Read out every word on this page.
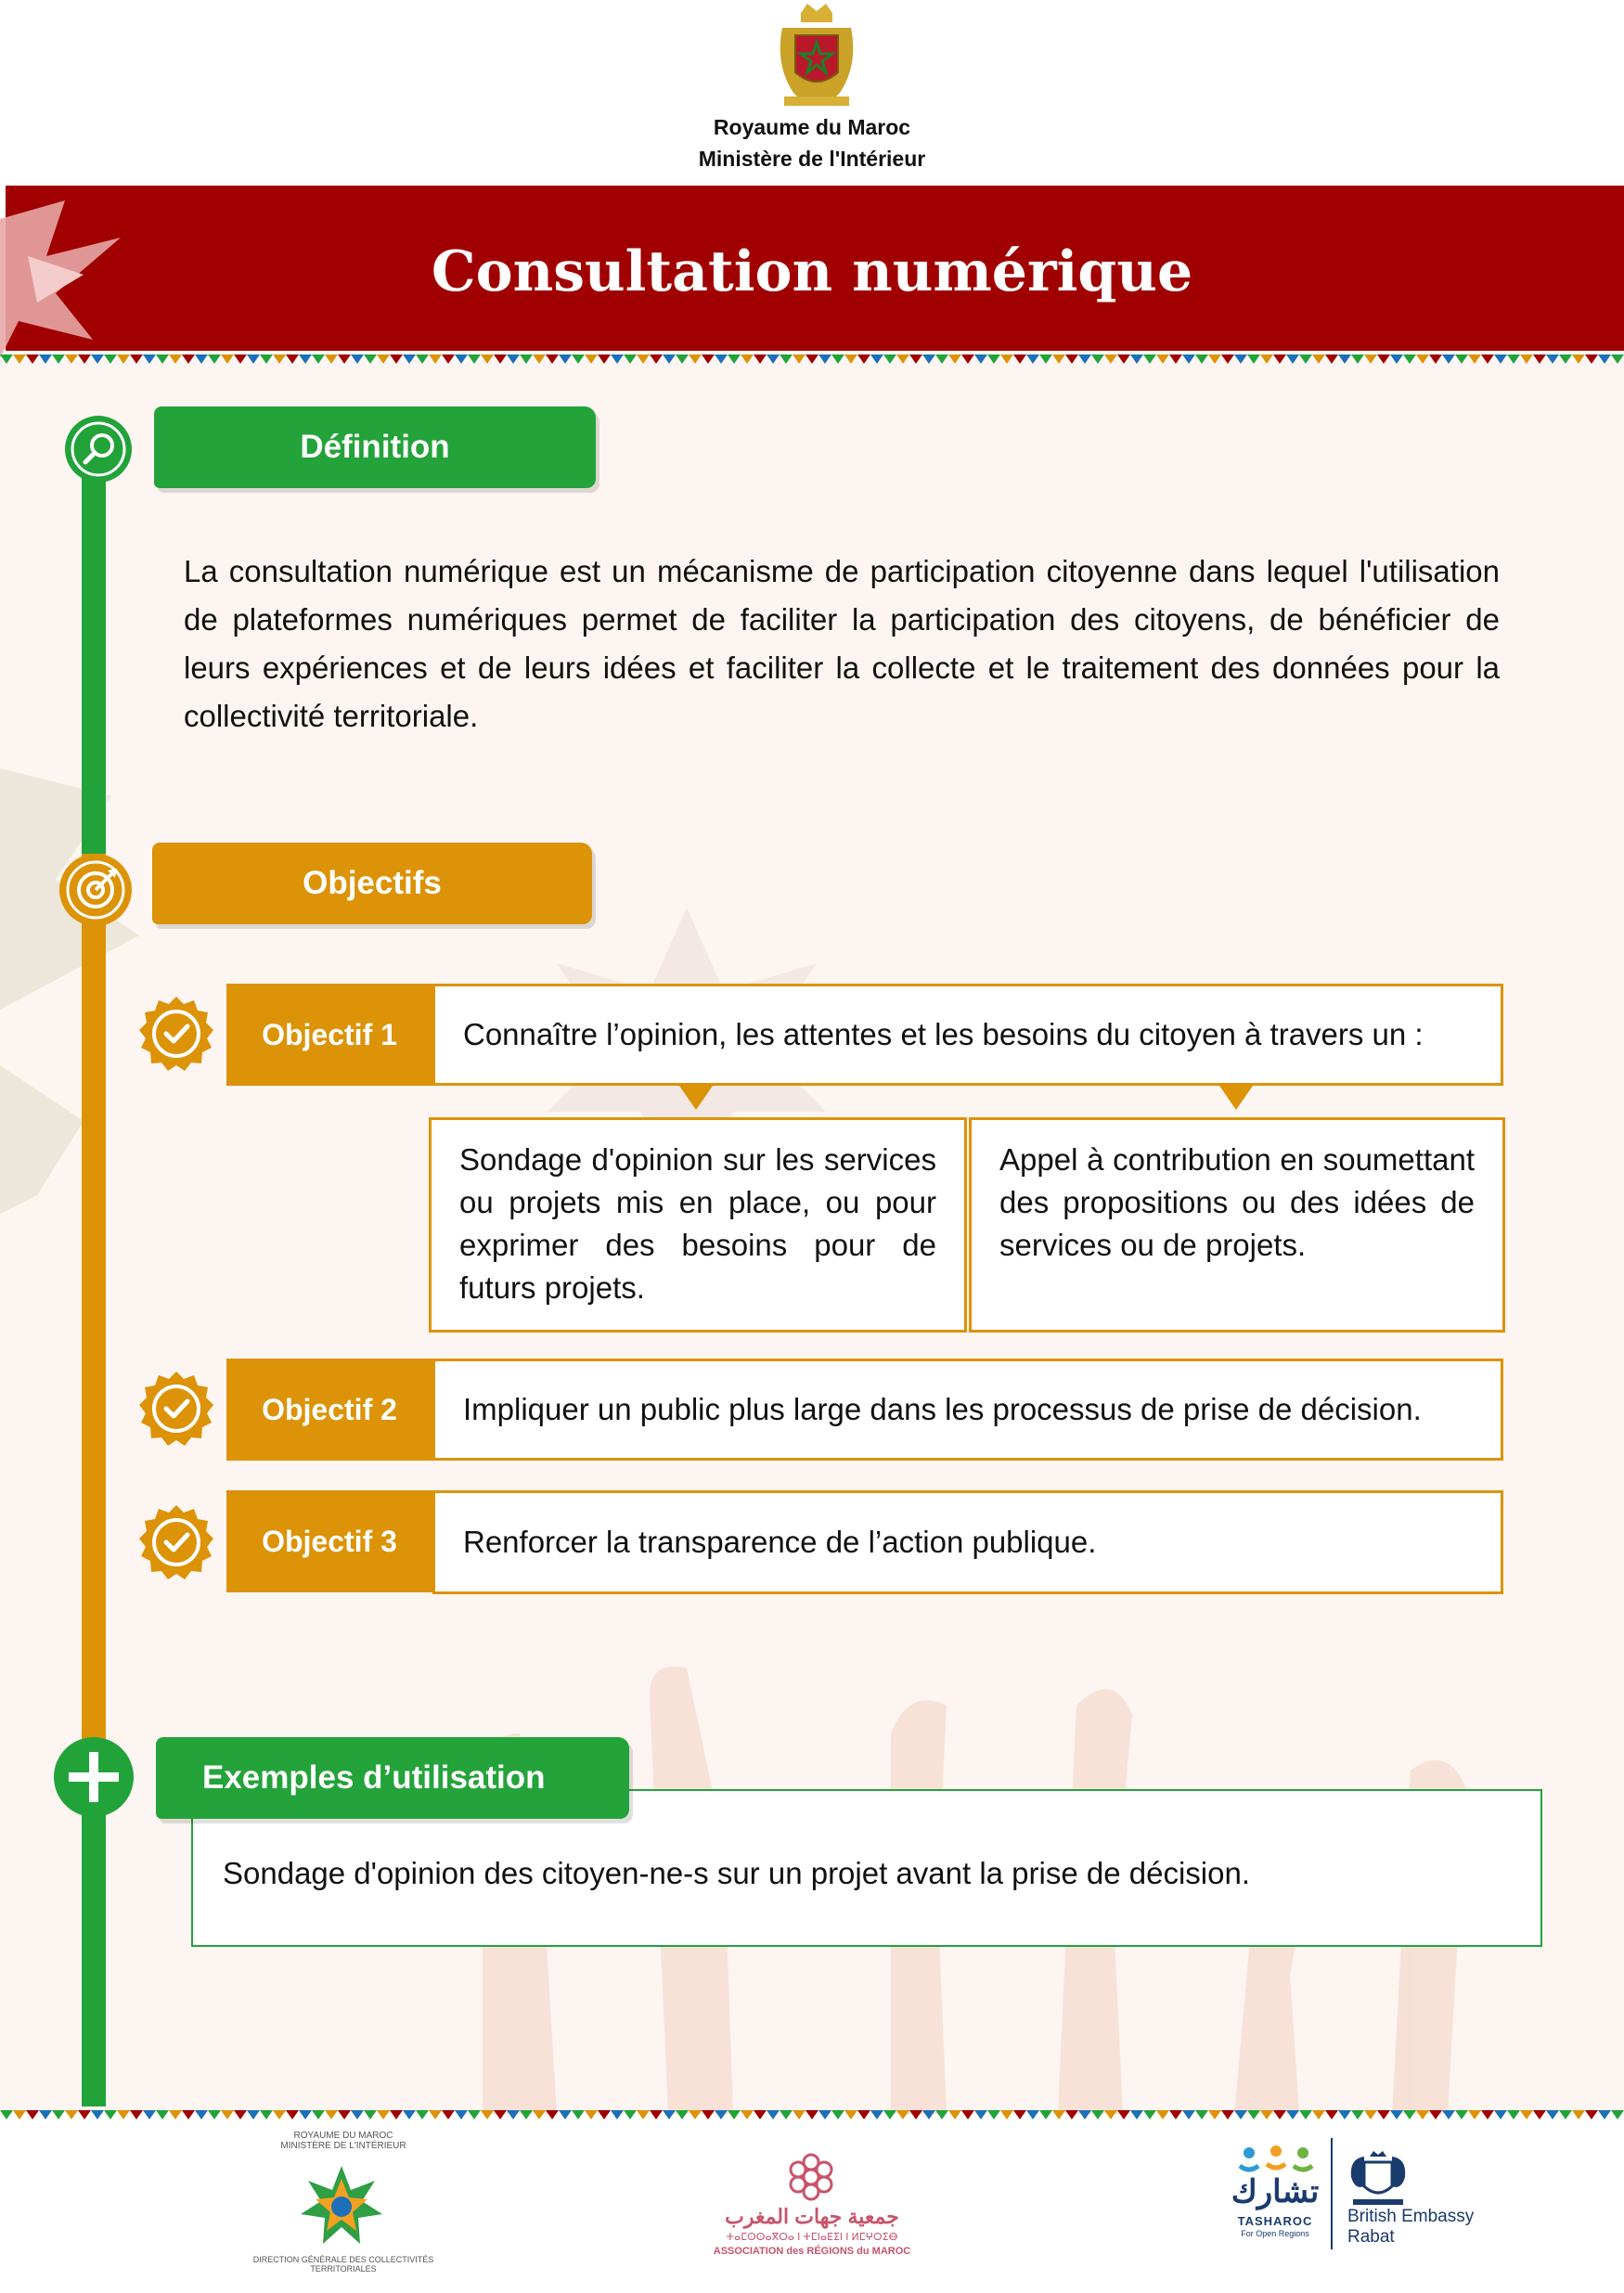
Royaume du Maroc
Ministère de l'Intérieur
Consultation numérique
Définition
La consultation numérique est un mécanisme de participation citoyenne dans lequel l'utilisation de plateformes numériques permet de faciliter la participation des citoyens, de bénéficier de leurs expériences et de leurs idées et faciliter la collecte et le traitement des données pour la collectivité territoriale.
Objectifs
Objectif 1	Connaître l’opinion, les attentes et les besoins du citoyen à travers un :
Sondage d'opinion sur les services ou projets mis en place, ou pour exprimer des besoins pour de futurs projets.
Appel à contribution en soumettant des propositions ou des idées de services ou de projets.
Objectif 2	Impliquer un public plus large dans les processus de prise de décision.
Objectif 3	Renforcer la transparence de l’action publique.
Sondage d'opinion des citoyen-ne-s sur un projet avant la prise de décision.
Exemples d’utilisation
ROYAUME DU MAROC
MINISTÈRE DE L'INTÉRIEUR
DIRECTION GÉNÉRALE DES COLLECTIVITÉS TERRITORIALES
جمعية جهات المغرب
ⵜⴰⵎⵙⵙⴰⴳⵔⴰ ⵏ ⵜⵎⵏⴰⴹⵉⵏ ⵏ ⵍⵎⵖⵔⵉⴱ
ASSOCIATION des RÉGIONS du MAROC
تشارك
TASHAROC
For Open Regions
British Embassy
Rabat
